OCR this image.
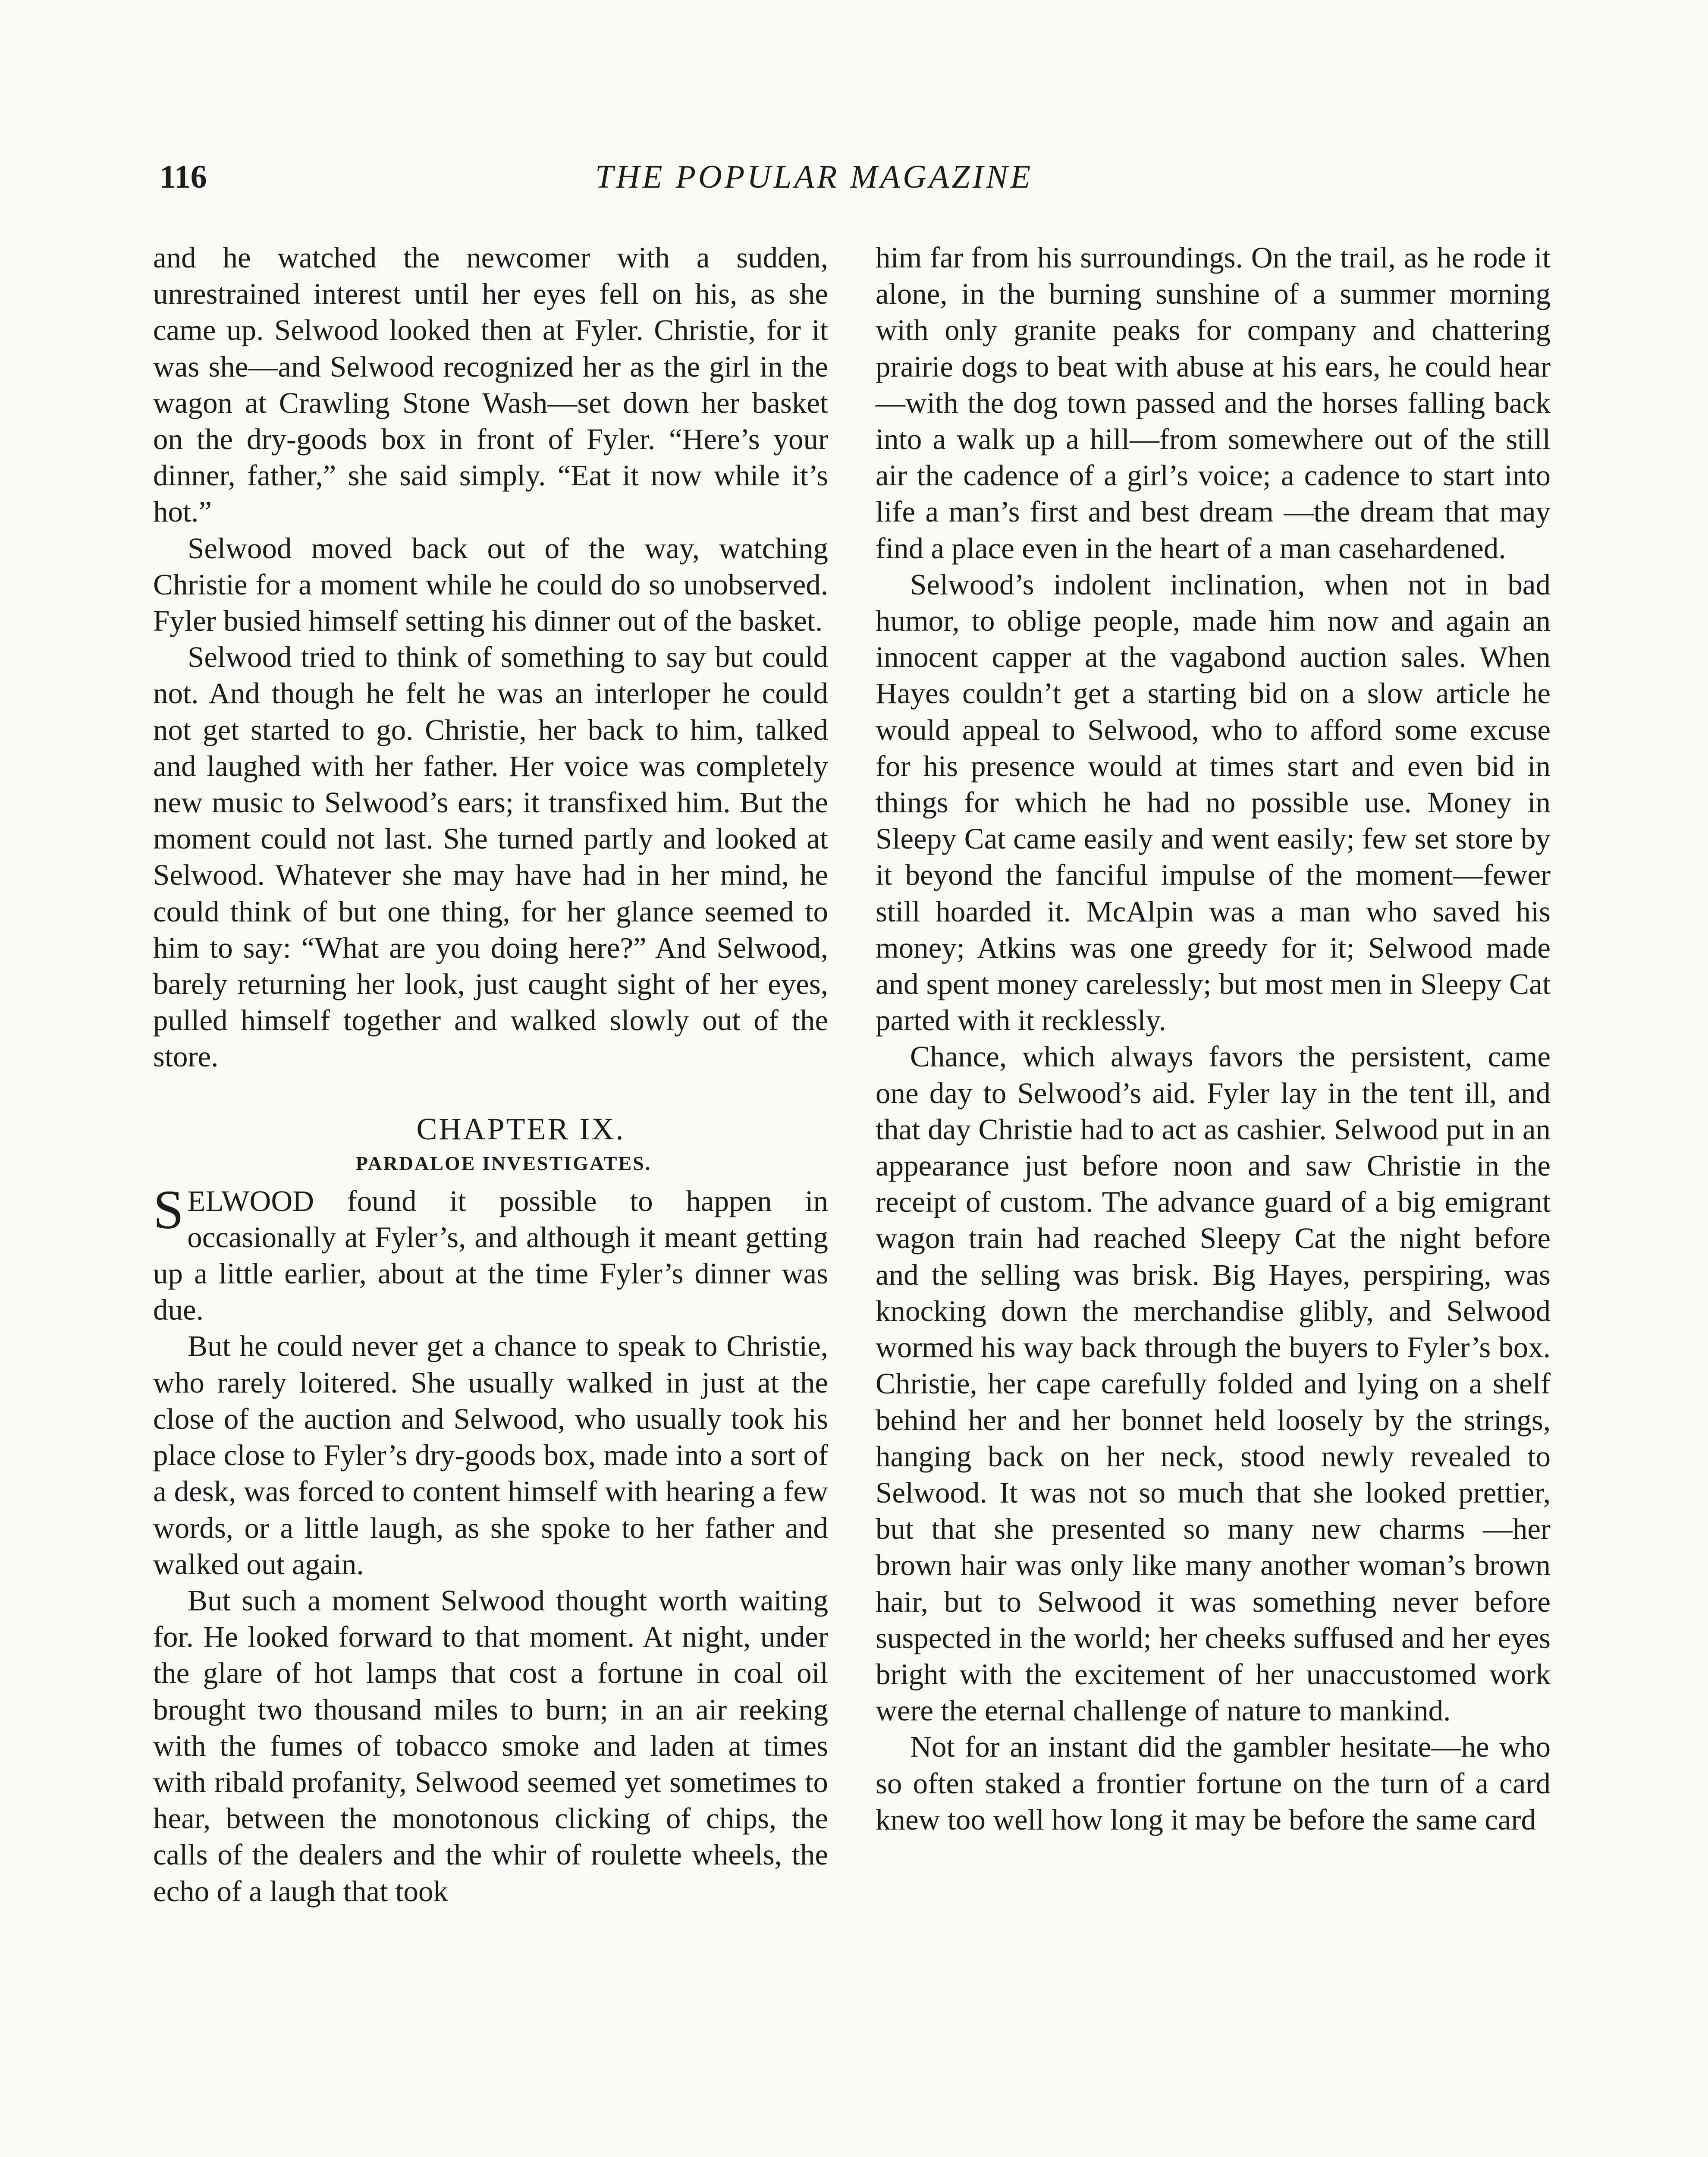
116	THE POPULAR MAGAZINE

and he watched the newcomer with a sudden, unrestrained interest until her eyes fell on his, as she came up. Selwood looked then at Fyler. Christie, for it was she—and Selwood recognized her as the girl in the wagon at Crawling Stone Wash—set down her basket on the dry-goods box in front of Fyler. “Here’s your dinner, father,” she said simply. “Eat it now while it’s hot.”

Selwood moved back out of the way, watching Christie for a moment while he could do so unobserved. Fyler busied himself setting his dinner out of the basket.

Selwood tried to think of something to say but could not. And though he felt he was an interloper he could not get started to go. Christie, her back to him, talked and laughed with her father. Her voice was completely new music to Selwood’s ears; it transfixed him. But the moment could not last. She turned partly and looked at Selwood. Whatever she may have had in her mind, he could think of but one thing, for her glance seemed to him to say: “What are you doing here?” And Selwood, barely returning her look, just caught sight of her eyes, pulled himself together and walked slowly out of the store.

CHAPTER IX.

PARDALOE INVESTIGATES.

SELWOOD found it possible to happen in occasionally at Fyler’s, and although it meant getting up a little earlier, about at the time Fyler’s dinner was due.

But he could never get a chance to speak to Christie, who rarely loitered. She usually walked in just at the close of the auction and Selwood, who usually took his place close to Fyler’s dry-goods box, made into a sort of a desk, was forced to content himself with hearing a few words, or a little laugh, as she spoke to her father and walked out again.

But such a moment Selwood thought worth waiting for. He looked forward to that moment. At night, under the glare of hot lamps that cost a fortune in coal oil brought two thousand miles to burn; in an air reeking with the fumes of tobacco smoke and laden at times with ribald profanity, Selwood seemed yet sometimes to hear, between the monotonous clicking of chips, the calls of the dealers and the whir of roulette wheels, the echo of a laugh that took

him far from his surroundings. On the trail, as he rode it alone, in the burning sunshine of a summer morning with only granite peaks for company and chattering prairie dogs to beat with abuse at his ears, he could hear—with the dog town passed and the horses falling back into a walk up a hill—from somewhere out of the still air the cadence of a girl’s voice; a cadence to start into life a man’s first and best dream —the dream that may find a place even in the heart of a man casehardened.

Selwood’s indolent inclination, when not in bad humor, to oblige people, made him now and again an innocent capper at the vagabond auction sales. When Hayes couldn’t get a starting bid on a slow article he would appeal to Selwood, who to afford some excuse for his presence would at times start and even bid in things for which he had no possible use. Money in Sleepy Cat came easily and went easily; few set store by it beyond the fanciful impulse of the moment—fewer still hoarded it. McAlpin was a man who saved his money; Atkins was one greedy for it; Selwood made and spent money carelessly; but most men in Sleepy Cat parted with it recklessly.

Chance, which always favors the persistent, came one day to Selwood’s aid. Fyler lay in the tent ill, and that day Christie had to act as cashier. Selwood put in an appearance just before noon and saw Christie in the receipt of custom. The advance guard of a big emigrant wagon train had reached Sleepy Cat the night before and the selling was brisk. Big Hayes, perspiring, was knocking down the merchandise glibly, and Selwood wormed his way back through the buyers to Fyler’s box. Christie, her cape carefully folded and lying on a shelf behind her and her bonnet held loosely by the strings, hanging back on her neck, stood newly revealed to Selwood. It was not so much that she looked prettier, but that she presented so many new charms —her brown hair was only like many another woman’s brown hair, but to Selwood it was something never before suspected in the world; her cheeks suffused and her eyes bright with the excitement of her unaccustomed work were the eternal challenge of nature to mankind.

Not for an instant did the gambler hesitate—he who so often staked a frontier fortune on the turn of a card knew too well how long it may be before the same card
